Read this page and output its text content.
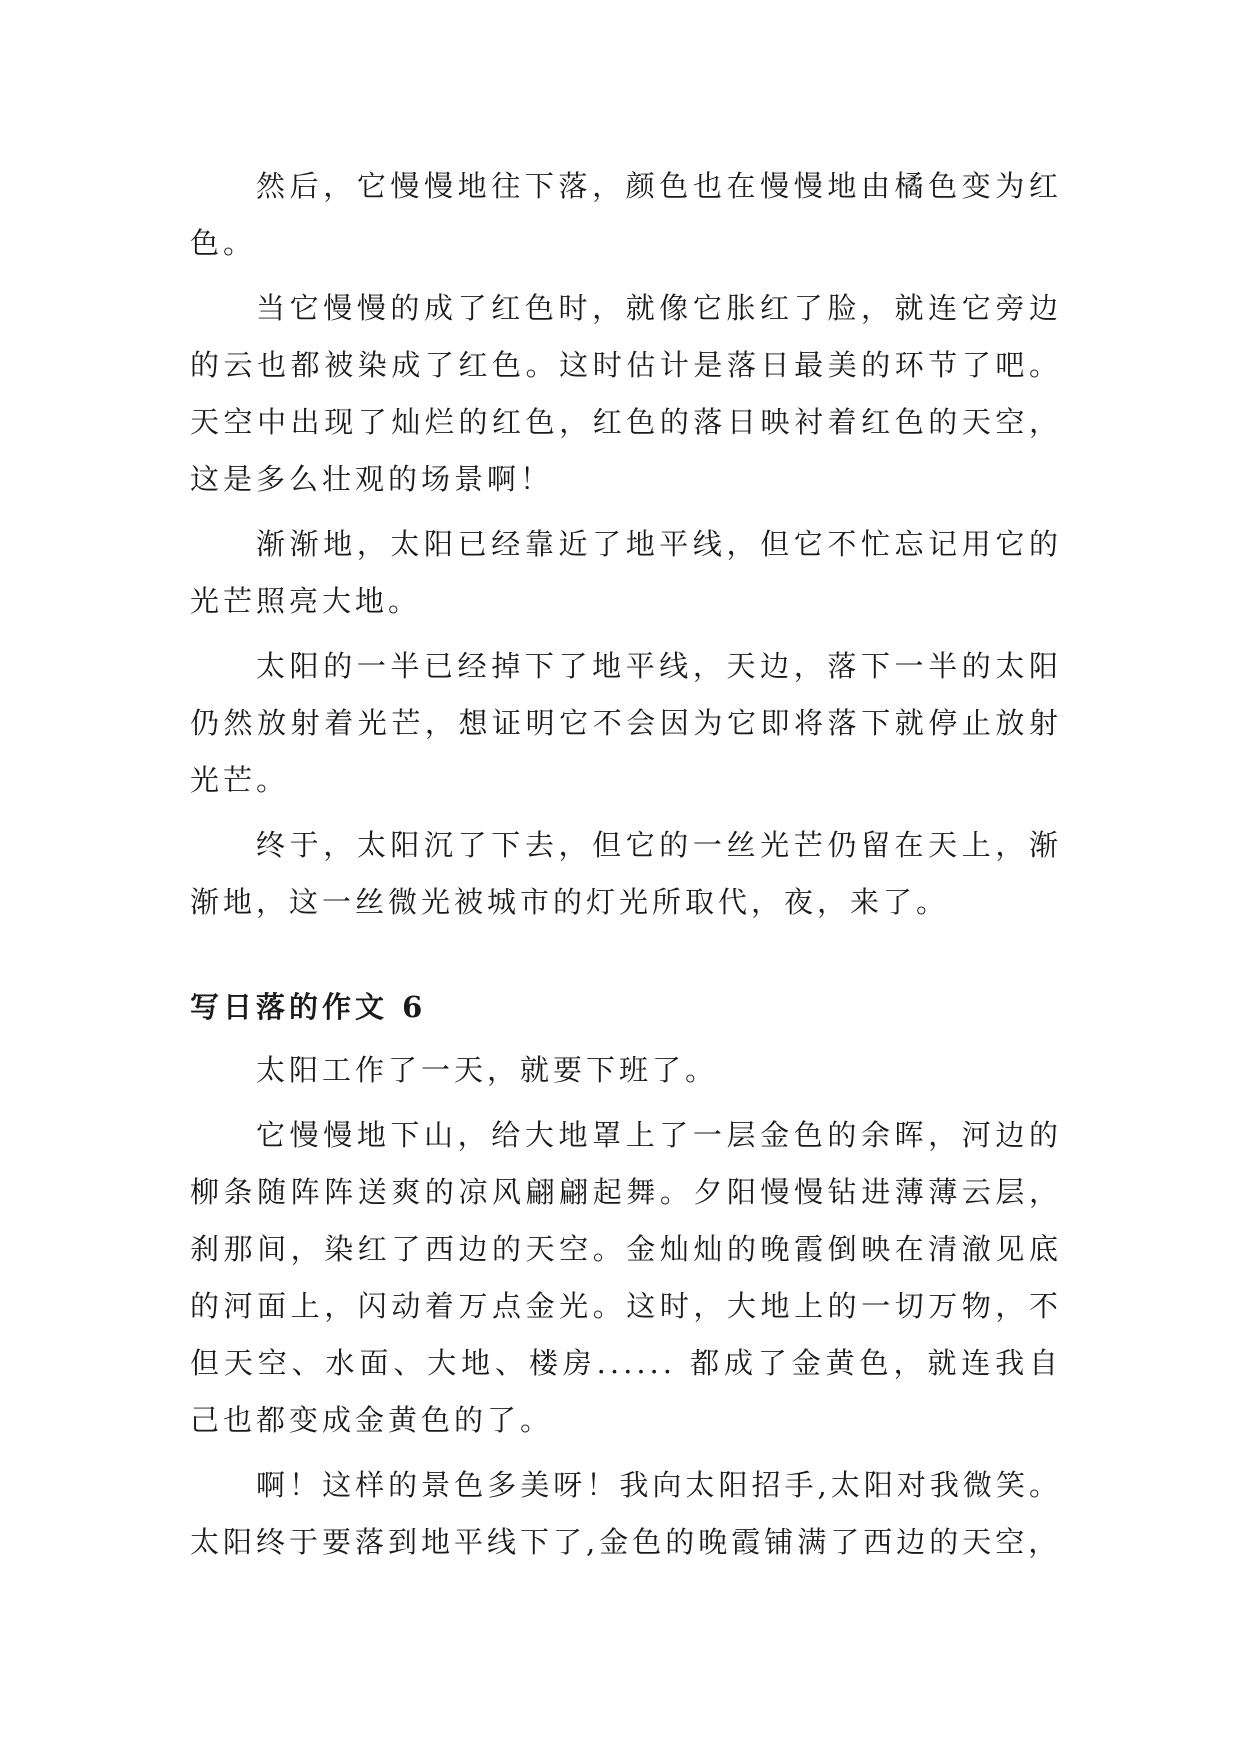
然后，它慢慢地往下落，颜色也在慢慢地由橘色变为红色。

当它慢慢的成了红色时，就像它胀红了脸，就连它旁边的云也都被染成了红色。这时估计是落日最美的环节了吧。天空中出现了灿烂的红色，红色的落日映衬着红色的天空，这是多么壮观的场景啊！

渐渐地，太阳已经靠近了地平线，但它不忙忘记用它的光芒照亮大地。

太阳的一半已经掉下了地平线，天边，落下一半的太阳仍然放射着光芒，想证明它不会因为它即将落下就停止放射光芒。

终于，太阳沉了下去，但它的一丝光芒仍留在天上，渐渐地，这一丝微光被城市的灯光所取代，夜，来了。

写日落的作文 6

太阳工作了一天，就要下班了。

它慢慢地下山，给大地罩上了一层金色的余晖，河边的柳条随阵阵送爽的凉风翩翩起舞。夕阳慢慢钻进薄薄云层，刹那间，染红了西边的天空。金灿灿的晚霞倒映在清澈见底的河面上，闪动着万点金光。这时，大地上的一切万物，不但天空、水面、大地、楼房...... 都成了金黄色，就连我自己也都变成金黄色的了。

啊！这样的景色多美呀！我向太阳招手,太阳对我微笑。太阳终于要落到地平线下了,金色的晚霞铺满了西边的天空，
